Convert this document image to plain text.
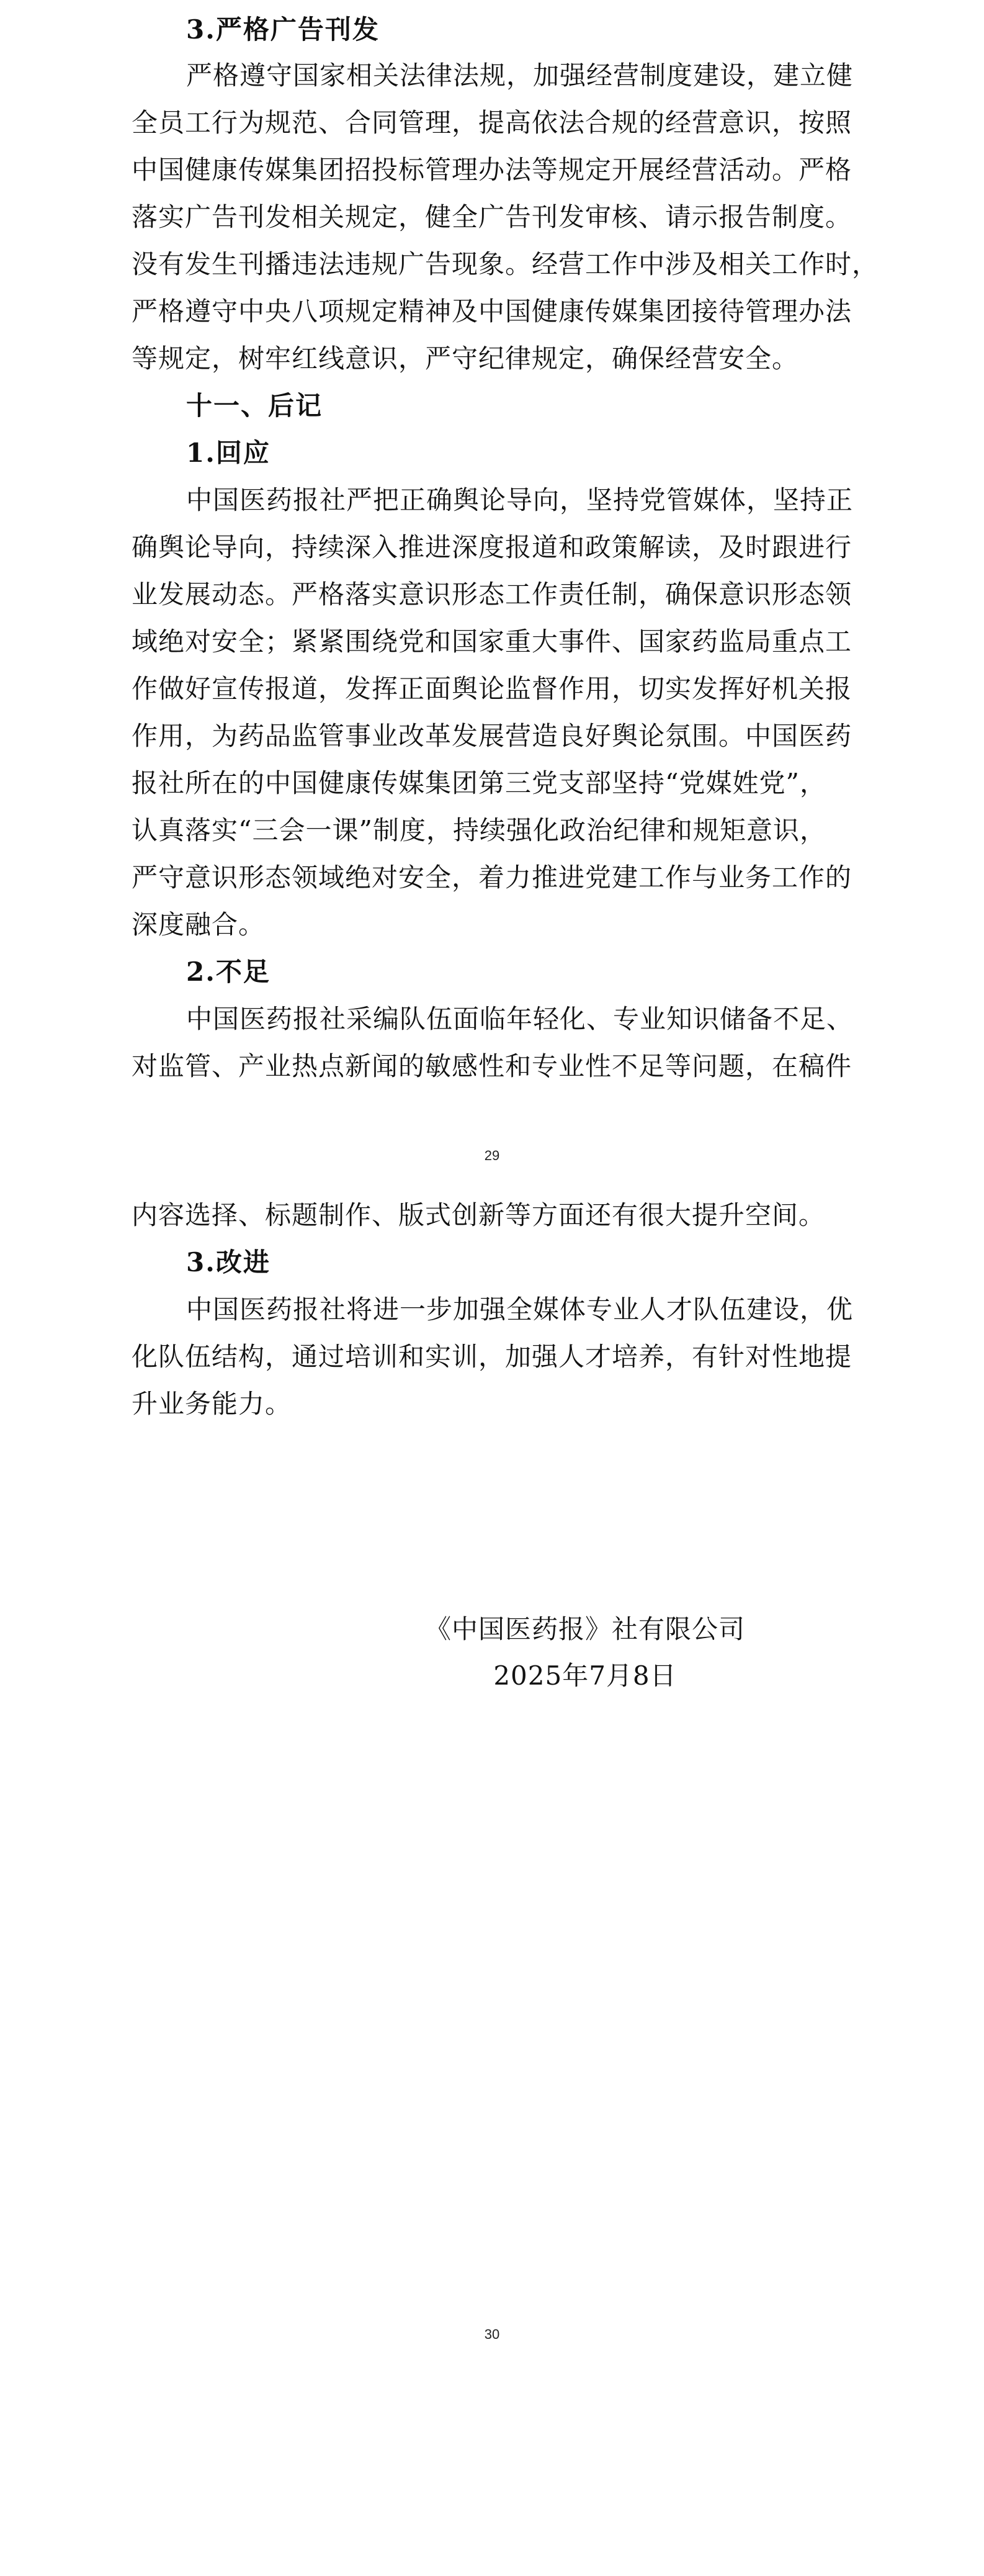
3.严格广告刊发
严格遵守国家相关法律法规，加强经营制度建设，建立健
全员工行为规范、合同管理，提高依法合规的经营意识，按照
中国健康传媒集团招投标管理办法等规定开展经营活动。严格
落实广告刊发相关规定，健全广告刊发审核、请示报告制度。
没有发生刊播违法违规广告现象。经营工作中涉及相关工作时，
严格遵守中央八项规定精神及中国健康传媒集团接待管理办法
等规定，树牢红线意识，严守纪律规定，确保经营安全。
十一、后记
1.回应
中国医药报社严把正确舆论导向，坚持党管媒体，坚持正
确舆论导向，持续深入推进深度报道和政策解读，及时跟进行
业发展动态。严格落实意识形态工作责任制，确保意识形态领
域绝对安全；紧紧围绕党和国家重大事件、国家药监局重点工
作做好宣传报道，发挥正面舆论监督作用，切实发挥好机关报
作用，为药品监管事业改革发展营造良好舆论氛围。中国医药
报社所在的中国健康传媒集团第三党支部坚持“党媒姓党”，
认真落实“三会一课”制度，持续强化政治纪律和规矩意识，
严守意识形态领域绝对安全，着力推进党建工作与业务工作的
深度融合。
2.不足
中国医药报社采编队伍面临年轻化、专业知识储备不足、
对监管、产业热点新闻的敏感性和专业性不足等问题，在稿件
29
内容选择、标题制作、版式创新等方面还有很大提升空间。
3.改进
中国医药报社将进一步加强全媒体专业人才队伍建设，优
化队伍结构，通过培训和实训，加强人才培养，有针对性地提
升业务能力。
《中国医药报》社有限公司
2025年7月8日
30
